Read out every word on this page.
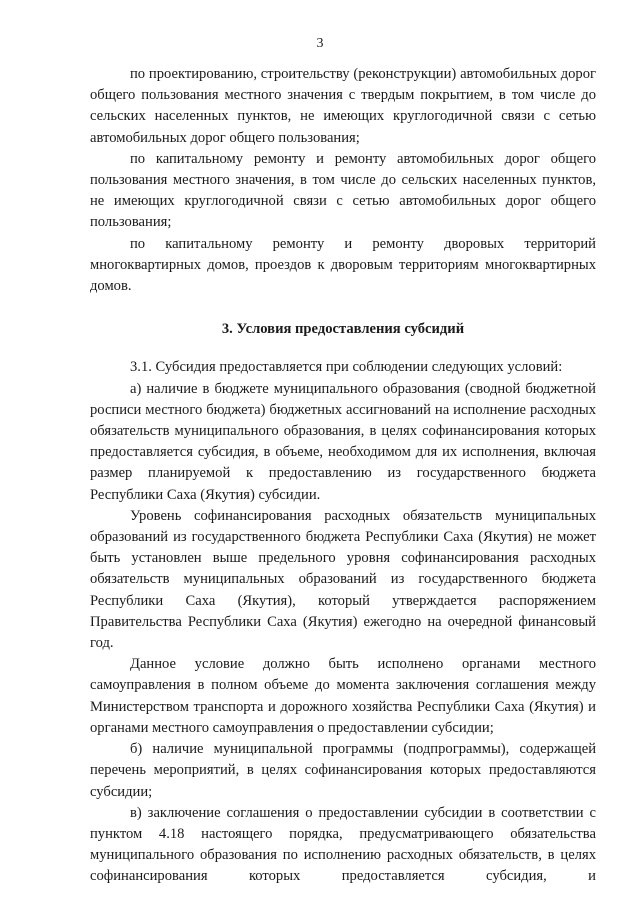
3

по проектированию, строительству (реконструкции) автомобильных дорог общего пользования местного значения с твердым покрытием, в том числе до сельских населенных пунктов, не имеющих круглогодичной связи с сетью автомобильных дорог общего пользования;

по капитальному ремонту и ремонту автомобильных дорог общего пользования местного значения, в том числе до сельских населенных пунктов, не имеющих круглогодичной связи с сетью автомобильных дорог общего пользования;

по капитальному ремонту и ремонту дворовых территорий многоквартирных домов, проездов к дворовым территориям многоквартирных домов.

3. Условия предоставления субсидий

3.1. Субсидия предоставляется при соблюдении следующих условий:

а) наличие в бюджете муниципального образования (сводной бюджетной росписи местного бюджета) бюджетных ассигнований на исполнение расходных обязательств муниципального образования, в целях софинансирования которых предоставляется субсидия, в объеме, необходимом для их исполнения, включая размер планируемой к предоставлению из государственного бюджета Республики Саха (Якутия) субсидии.

Уровень софинансирования расходных обязательств муниципальных образований из государственного бюджета Республики Саха (Якутия) не может быть установлен выше предельного уровня софинансирования расходных обязательств муниципальных образований из государственного бюджета Республики Саха (Якутия), который утверждается распоряжением Правительства Республики Саха (Якутия) ежегодно на очередной финансовый год.

Данное условие должно быть исполнено органами местного самоуправления в полном объеме до момента заключения соглашения между Министерством транспорта и дорожного хозяйства Республики Саха (Якутия) и органами местного самоуправления о предоставлении субсидии;

б) наличие муниципальной программы (подпрограммы), содержащей перечень мероприятий, в целях софинансирования которых предоставляются субсидии;

в) заключение соглашения о предоставлении субсидии в соответствии с пунктом 4.18 настоящего порядка, предусматривающего обязательства муниципального образования по исполнению расходных обязательств, в целях софинансирования которых предоставляется субсидия, и
